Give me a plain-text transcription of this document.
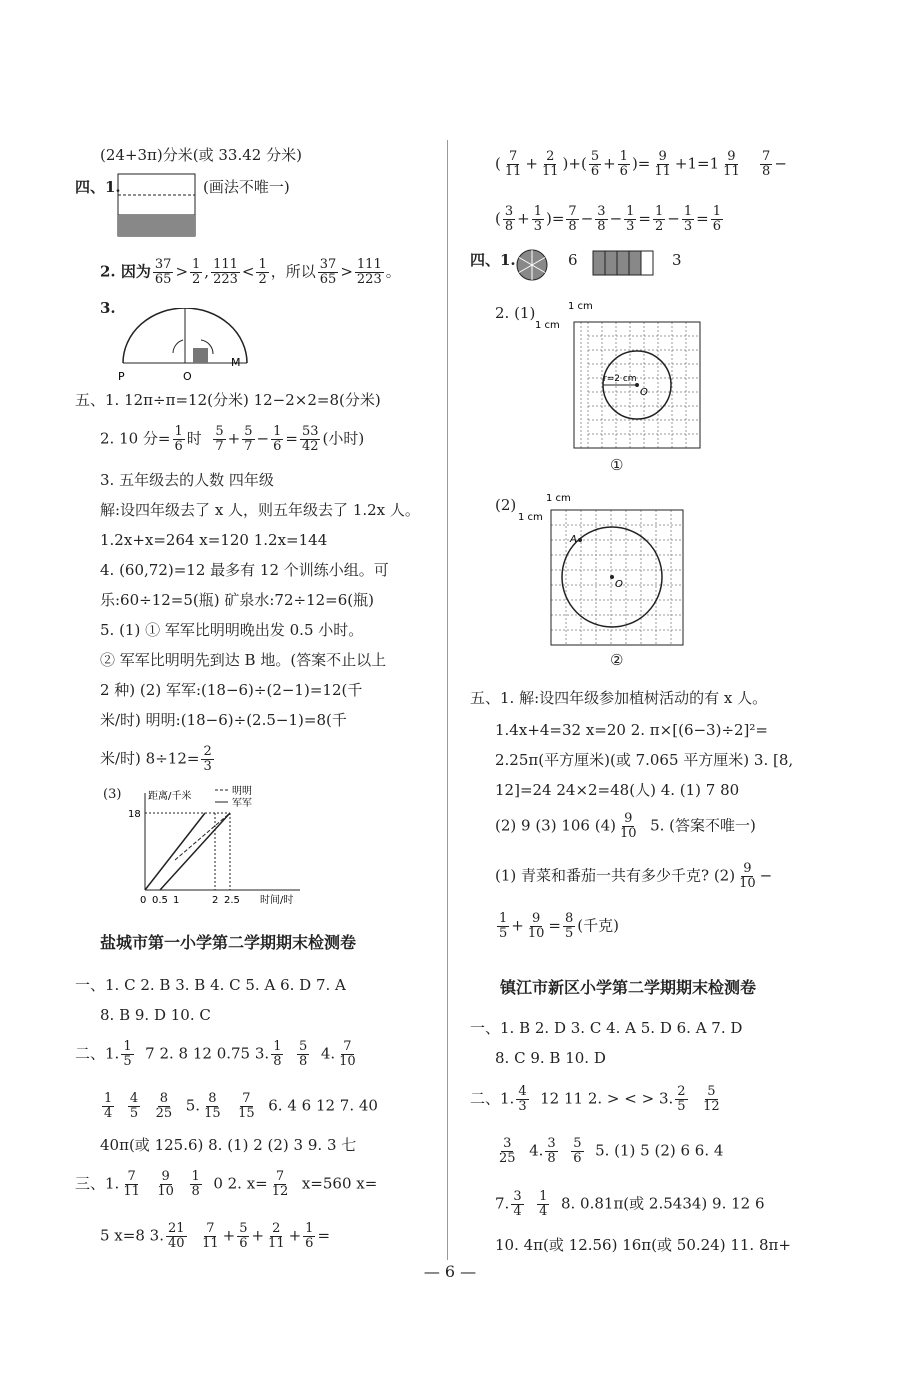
(24+3π)分米(或 33.42 分米)
四、1.	(画法不唯一)
2. 因为 $\frac{37}{65} > \frac{1}{2}$ , $\frac{111}{223} < \frac{1}{2}$ ，所以 $\frac{37}{65} > \frac{111}{223}$ 。
3.
P	O
M
五、1. 12π÷π=12(分米) 12−2×2=8(分米)
2. 10 分= $\frac{1}{6}$ 时 $\frac{5}{7} + \frac{5}{7} - \frac{1}{6} = \frac{53}{42}$ (小时)
3. 五年级去的人数 四年级
解:设四年级去了 x 人，则五年级去了 1.2x 人。
1.2x+x=264 x=120 1.2x=144
4. (60,72)=12 最多有 12 个训练小组。可
乐:60÷12=5(瓶) 矿泉水:72÷12=6(瓶)
5. (1) ① 军军比明明晚出发 0.5 小时。
② 军军比明明先到达 B 地。(答案不止以上
2 种) (2) 军军:(18−6)÷(2−1)=12(千
米/时) 明明:(18−6)÷(2.5−1)=8(千
米/时) $8\div 12= \frac{2}{3}$
(3)	距离/千米
时间/时
明明
军军
18
0 0.5 1	2 2.5
盐城市第一小学第二学期期末检测卷
一、1. C 2. B 3. B 4. C 5. A 6. D 7. A
8. B 9. D 10. C
二、1. $\frac{1}{5} 7$ 2. 8 12 0.75 3. $\frac{1}{8}$
$\frac{5}{8} 4$. $\frac{7}{10}$
$\frac{1}{4}$
$\frac{4}{5}$
$\frac{8}{25} 5$. $\frac{8}{15}$
$\frac{7}{15} 6$. 4 6 12 7. 40
40π(或 125.6) 8. (1) 2 (2) 3 9. 3 七
三、1. $\frac{7}{11}$
$\frac{9}{10}$
$\frac{1}{8} 0$ 2. $x= \frac{7}{12} x=560$ x=
5 x=8 3. $\frac{21}{40}$
$\frac{7}{11} + \frac{5}{6} + \frac{2}{11} + \frac{1}{6}$ =
( $\frac{7}{11} + \frac{2}{11}$ )+( $\frac{5}{6} + \frac{1}{6}$ )= $\frac{9}{11} +1=1 \frac{9}{11}$
$\frac{7}{8}$ −
( $\frac{3}{8} + \frac{1}{3}$ )= $\frac{7}{8} - \frac{3}{8} - \frac{1}{3} = \frac{1}{2} - \frac{1}{3} = \frac{1}{6}$
四、1.	6	3
2. (1)	1 cm
1 cm
r=2 cm
O
①
(2)	1 cm
1 cm
A
O
②
五、1. 解:设四年级参加植树活动的有 x 人。
1.4x+4=32 x=20 2. π×[(6−3)÷2]²=
2.25π(平方厘米)(或 7.065 平方厘米) 3. [8,
12]=24 24×2=48(人) 4. (1) 7 80
(2) 9 (3) 106 $(4) \frac{9}{10} 5$. (答案不唯一)
(1) 青菜和番茄一共有多少千克? $(2) \frac{9}{10}$ −
$\frac{1}{5} + \frac{9}{10} = \frac{8}{5}$ (千克)
镇江市新区小学第二学期期末检测卷
一、1. B 2. D 3. C 4. A 5. D 6. A 7. D
8. C 9. B 10. D
二、1. $\frac{4}{3} 12$ 11 2. > < > 3. $\frac{2}{5}$
$\frac{5}{12}$
$\frac{3}{25} 4$. $\frac{3}{8}$
$\frac{5}{6} 5$. (1) 5 (2) 6 6. 4
7. $\frac{3}{4}$
$\frac{1}{4} 8$. 0.81π(或 2.5434) 9. 12 6
10. 4π(或 12.56) 16π(或 50.24) 11. 8π+
— 6 —
